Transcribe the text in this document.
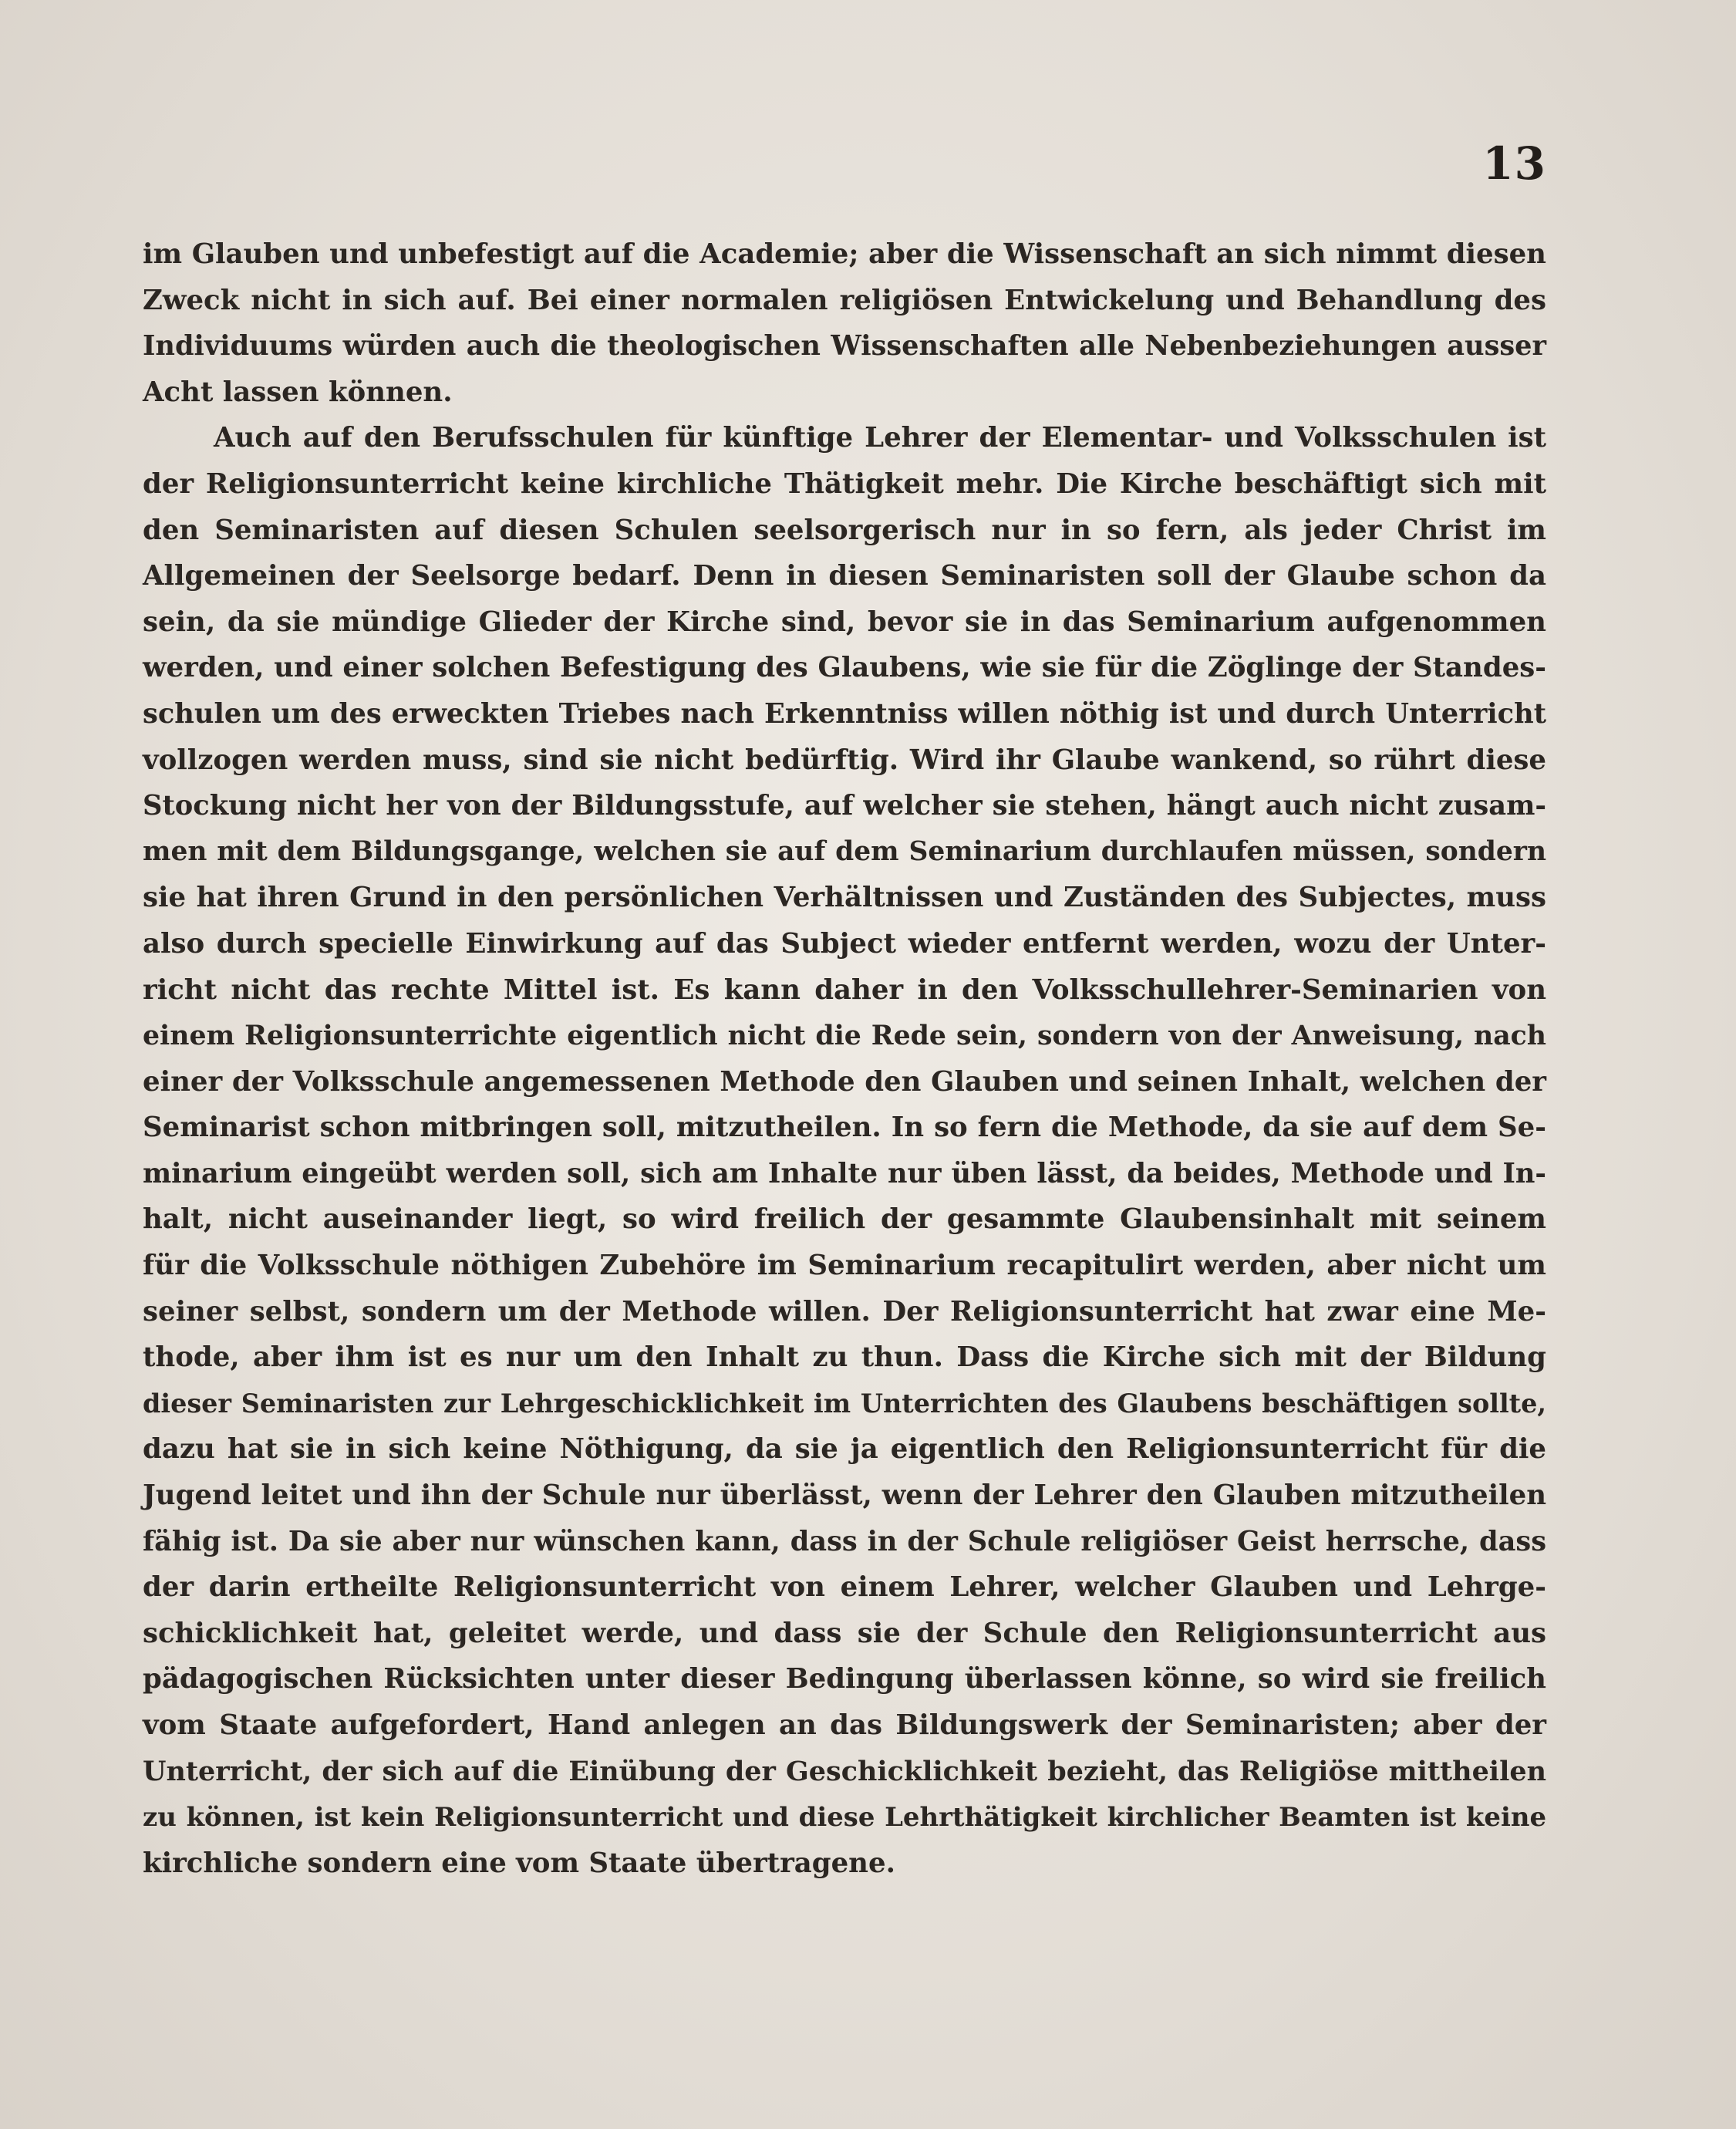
13
im Glauben und unbefestigt auf die Academie; aber die Wissenschaft an sich nimmt diesen
Zweck nicht in sich auf. Bei einer normalen religiösen Entwickelung und Behandlung des
Individuums würden auch die theologischen Wissenschaften alle Nebenbeziehungen ausser
Acht lassen können.
Auch auf den Berufsschulen für künftige Lehrer der Elementar- und Volksschulen ist
der Religionsunterricht keine kirchliche Thätigkeit mehr. Die Kirche beschäftigt sich mit
den Seminaristen auf diesen Schulen seelsorgerisch nur in so fern, als jeder Christ im
Allgemeinen der Seelsorge bedarf. Denn in diesen Seminaristen soll der Glaube schon da
sein, da sie mündige Glieder der Kirche sind, bevor sie in das Seminarium aufgenommen
werden, und einer solchen Befestigung des Glaubens, wie sie für die Zöglinge der Standes-
schulen um des erweckten Triebes nach Erkenntniss willen nöthig ist und durch Unterricht
vollzogen werden muss, sind sie nicht bedürftig. Wird ihr Glaube wankend, so rührt diese
Stockung nicht her von der Bildungsstufe, auf welcher sie stehen, hängt auch nicht zusam-
men mit dem Bildungsgange, welchen sie auf dem Seminarium durchlaufen müssen, sondern
sie hat ihren Grund in den persönlichen Verhältnissen und Zuständen des Subjectes, muss
also durch specielle Einwirkung auf das Subject wieder entfernt werden, wozu der Unter-
richt nicht das rechte Mittel ist. Es kann daher in den Volksschullehrer-Seminarien von
einem Religionsunterrichte eigentlich nicht die Rede sein, sondern von der Anweisung, nach
einer der Volksschule angemessenen Methode den Glauben und seinen Inhalt, welchen der
Seminarist schon mitbringen soll, mitzutheilen. In so fern die Methode, da sie auf dem Se-
minarium eingeübt werden soll, sich am Inhalte nur üben lässt, da beides, Methode und In-
halt, nicht auseinander liegt, so wird freilich der gesammte Glaubensinhalt mit seinem
für die Volksschule nöthigen Zubehöre im Seminarium recapitulirt werden, aber nicht um
seiner selbst, sondern um der Methode willen. Der Religionsunterricht hat zwar eine Me-
thode, aber ihm ist es nur um den Inhalt zu thun. Dass die Kirche sich mit der Bildung
dieser Seminaristen zur Lehrgeschicklichkeit im Unterrichten des Glaubens beschäftigen sollte,
dazu hat sie in sich keine Nöthigung, da sie ja eigentlich den Religionsunterricht für die
Jugend leitet und ihn der Schule nur überlässt, wenn der Lehrer den Glauben mitzutheilen
fähig ist. Da sie aber nur wünschen kann, dass in der Schule religiöser Geist herrsche, dass
der darin ertheilte Religionsunterricht von einem Lehrer, welcher Glauben und Lehrge-
schicklichkeit hat, geleitet werde, und dass sie der Schule den Religionsunterricht aus
pädagogischen Rücksichten unter dieser Bedingung überlassen könne, so wird sie freilich
vom Staate aufgefordert, Hand anlegen an das Bildungswerk der Seminaristen; aber der
Unterricht, der sich auf die Einübung der Geschicklichkeit bezieht, das Religiöse mittheilen
zu können, ist kein Religionsunterricht und diese Lehrthätigkeit kirchlicher Beamten ist keine
kirchliche sondern eine vom Staate übertragene.
